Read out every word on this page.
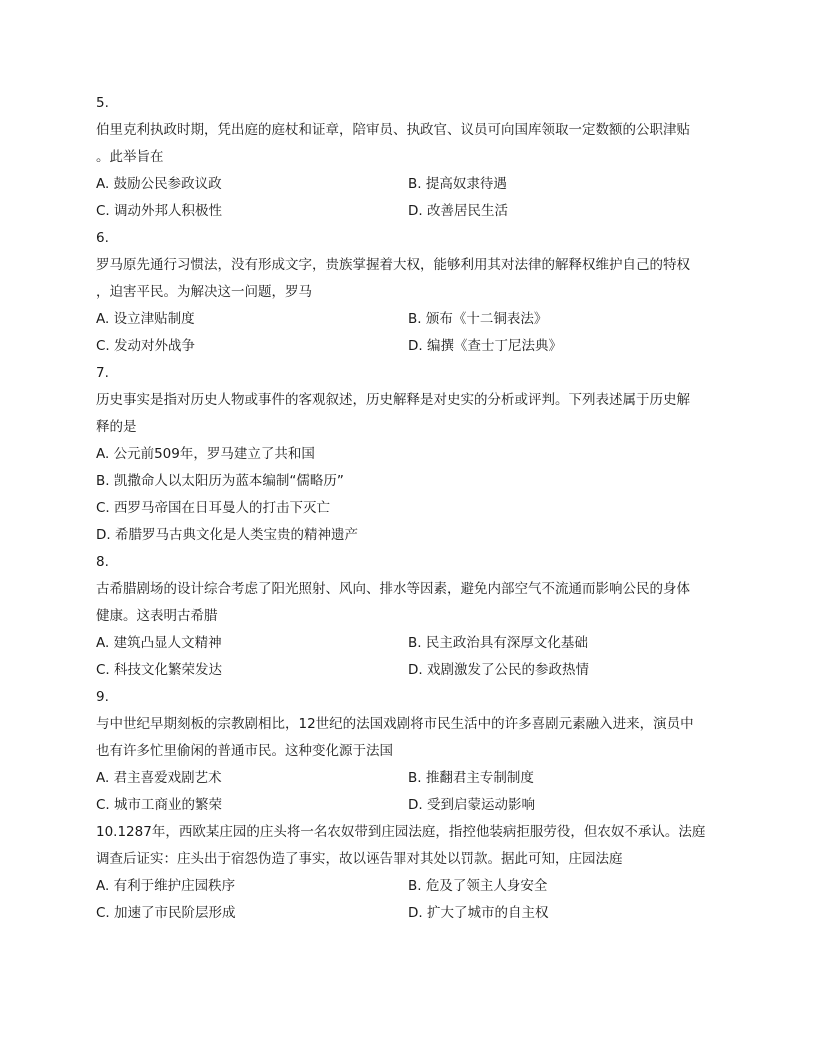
5.
伯里克利执政时期，凭出庭的庭杖和证章，陪审员、执政官、议员可向国库领取一定数额的公职津贴
。此举旨在
A. 鼓励公民参政议政	B. 提高奴隶待遇
C. 调动外邦人积极性	D. 改善居民生活
6.
罗马原先通行习惯法，没有形成文字，贵族掌握着大权，能够利用其对法律的解释权维护自己的特权
，迫害平民。为解决这一问题，罗马
A. 设立津贴制度	B. 颁布《十二铜表法》
C. 发动对外战争	D. 编撰《查士丁尼法典》
7.
历史事实是指对历史人物或事件的客观叙述，历史解释是对史实的分析或评判。下列表述属于历史解
释的是
A. 公元前509年，罗马建立了共和国
B. 凯撒命人以太阳历为蓝本编制“儒略历”
C. 西罗马帝国在日耳曼人的打击下灭亡
D. 希腊罗马古典文化是人类宝贵的精神遗产
8.
古希腊剧场的设计综合考虑了阳光照射、风向、排水等因素，避免内部空气不流通而影响公民的身体
健康。这表明古希腊
A. 建筑凸显人文精神	B. 民主政治具有深厚文化基础
C. 科技文化繁荣发达	D. 戏剧激发了公民的参政热情
9.
与中世纪早期刻板的宗教剧相比，12世纪的法国戏剧将市民生活中的许多喜剧元素融入进来，演员中
也有许多忙里偷闲的普通市民。这种变化源于法国
A. 君主喜爱戏剧艺术	B. 推翻君主专制制度
C. 城市工商业的繁荣	D. 受到启蒙运动影响
10.1287年，西欧某庄园的庄头将一名农奴带到庄园法庭，指控他装病拒服劳役，但农奴不承认。法庭
调查后证实：庄头出于宿怨伪造了事实，故以诬告罪对其处以罚款。据此可知，庄园法庭
A. 有利于维护庄园秩序	B. 危及了领主人身安全
C. 加速了市民阶层形成	D. 扩大了城市的自主权
